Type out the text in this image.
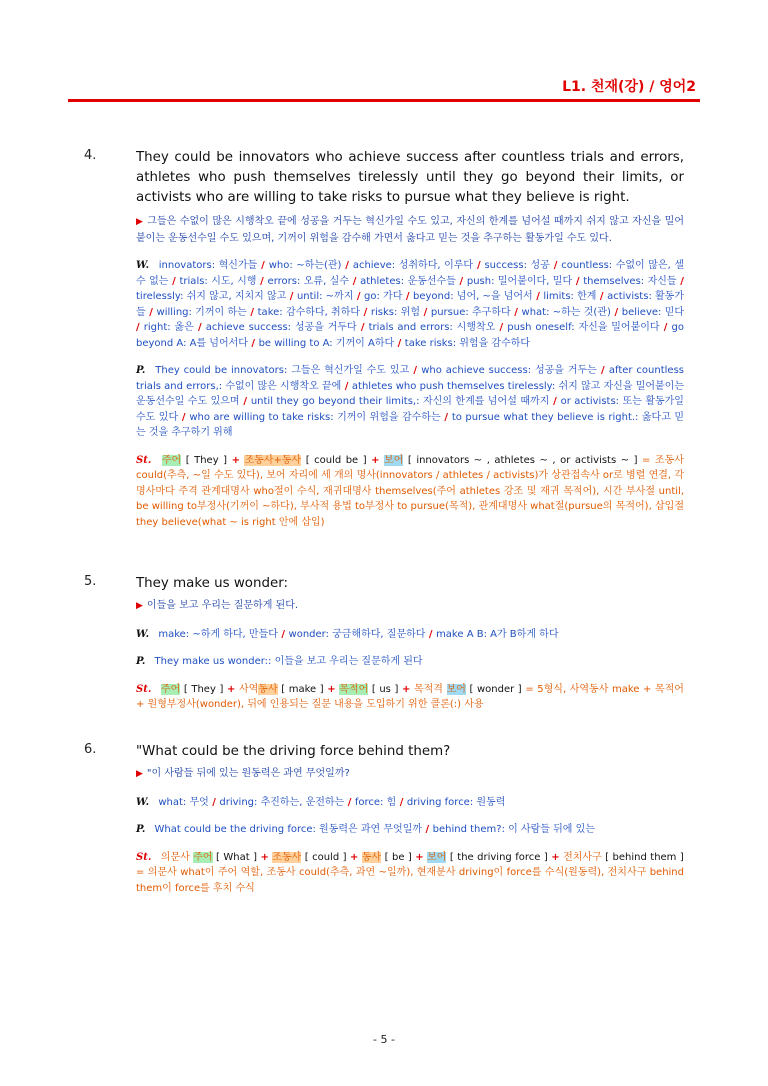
L1. 천재(강) / 영어2
4.	They could be innovators who achieve success after countless trials and errors, athletes who push themselves tirelessly until they go beyond their limits, or activists who are willing to take risks to pursue what they believe is right.
▶ 그들은 수없이 많은 시행착오 끝에 성공을 거두는 혁신가일 수도 있고, 자신의 한계를 넘어설 때까지 쉬지 않고 자신을 밀어붙이는 운동선수일 수도 있으며, 기꺼이 위험을 감수해 가면서 옳다고 믿는 것을 추구하는 활동가일 수도 있다.
W. innovators: 혁신가들 / who: ~하는(관) / achieve: 성취하다, 이루다 / success: 성공 / countless: 수없이 많은, 셀 수 없는 / trials: 시도, 시행 / errors: 오류, 실수 / athletes: 운동선수들 / push: 밀어붙이다, 밀다 / themselves: 자신들 / tirelessly: 쉬지 않고, 지치지 않고 / until: ~까지 / go: 가다 / beyond: 넘어, ~을 넘어서 / limits: 한계 / activists: 활동가들 / willing: 기꺼이 하는 / take: 감수하다, 취하다 / risks: 위험 / pursue: 추구하다 / what: ~하는 것(관) / believe: 믿다 / right: 옳은 / achieve success: 성공을 거두다 / trials and errors: 시행착오 / push oneself: 자신을 밀어붙이다 / go beyond A: A를 넘어서다 / be willing to A: 기꺼이 A하다 / take risks: 위험을 감수하다
P. They could be innovators: 그들은 혁신가일 수도 있고 / who achieve success: 성공을 거두는 / after countless trials and errors,: 수없이 많은 시행착오 끝에 / athletes who push themselves tirelessly: 쉬지 않고 자신을 밀어붙이는 운동선수일 수도 있으며 / until they go beyond their limits,: 자신의 한계를 넘어설 때까지 / or activists: 또는 활동가일 수도 있다 / who are willing to take risks: 기꺼이 위험을 감수하는 / to pursue what they believe is right.: 옳다고 믿는 것을 추구하기 위해
St. 주어 [ They ] + 조동사+동사 [ could be ] + 보어 [ innovators ~ , athletes ~ , or activists ~ ] = 조동사 could(추측, ~일 수도 있다), 보어 자리에 세 개의 명사(innovators / athletes / activists)가 상관접속사 or로 병렬 연결, 각 명사마다 주격 관계대명사 who절이 수식, 재귀대명사 themselves(주어 athletes 강조 및 재귀 목적어), 시간 부사절 until, be willing to부정사(기꺼이 ~하다), 부사적 용법 to부정사 to pursue(목적), 관계대명사 what절(pursue의 목적어), 삽입절 they believe(what ~ is right 안에 삽입)
5.	They make us wonder:
▶ 이들을 보고 우리는 질문하게 된다.
W. make: ~하게 하다, 만들다 / wonder: 궁금해하다, 질문하다 / make A B: A가 B하게 하다
P. They make us wonder:: 이들을 보고 우리는 질문하게 된다
St. 주어 [ They ] + 사역동사 [ make ] + 목적어 [ us ] + 목적격 보어 [ wonder ] = 5형식, 사역동사 make + 목적어 + 원형부정사(wonder), 뒤에 인용되는 질문 내용을 도입하기 위한 콜론(:) 사용
6.	"What could be the driving force behind them?
▶ "이 사람들 뒤에 있는 원동력은 과연 무엇일까?
W. what: 무엇 / driving: 추진하는, 운전하는 / force: 힘 / driving force: 원동력
P. What could be the driving force: 원동력은 과연 무엇일까 / behind them?: 이 사람들 뒤에 있는
St. 의문사 주어 [ What ] + 조동사 [ could ] + 동사 [ be ] + 보어 [ the driving force ] + 전치사구 [ behind them ] = 의문사 what이 주어 역할, 조동사 could(추측, 과연 ~일까), 현재분사 driving이 force를 수식(원동력), 전치사구 behind them이 force를 후치 수식
- 5 -
